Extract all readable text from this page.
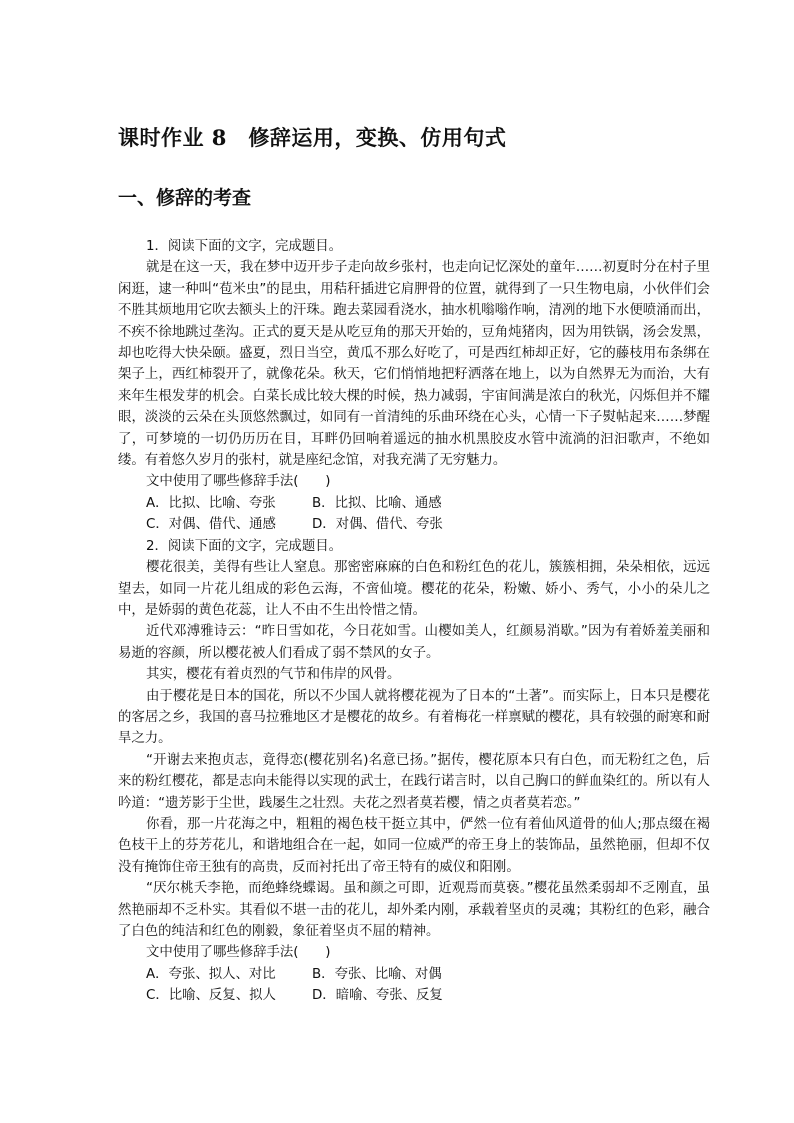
课时作业 8　修辞运用，变换、仿用句式
一、修辞的考查

1．阅读下面的文字，完成题目。

就是在这一天，我在梦中迈开步子走向故乡张村，也走向记忆深处的童年……初夏时分在村子里闲逛，逮一种叫“苞米虫”的昆虫，用秸秆插进它肩胛骨的位置，就得到了一只生物电扇，小伙伴们会不胜其烦地用它吹去额头上的汗珠。跑去菜园看浇水，抽水机嗡嗡作响，清冽的地下水便喷涌而出，不疾不徐地跳过垄沟。正式的夏天是从吃豆角的那天开始的，豆角炖猪肉，因为用铁锅，汤会发黑，却也吃得大快朵颐。盛夏，烈日当空，黄瓜不那么好吃了，可是西红柿却正好，它的藤枝用布条绑在架子上，西红柿裂开了，就像花朵。秋天，它们悄悄地把籽洒落在地上，以为自然界无为而治，大有来年生根发芽的机会。白菜长成比较大棵的时候，热力减弱，宇宙间满是浓白的秋光，闪烁但并不耀眼，淡淡的云朵在头顶悠然飘过，如同有一首清纯的乐曲环绕在心头，心情一下子熨帖起来……梦醒了，可梦境的一切仍历历在目，耳畔仍回响着遥远的抽水机黑胶皮水管中流淌的汩汩歌声，不绝如缕。有着悠久岁月的张村，就是座纪念馆，对我充满了无穷魅力。

文中使用了哪些修辞手法(　　)

A．比拟、比喻、夸张	B．比拟、比喻、通感

C．对偶、借代、通感	D．对偶、借代、夸张

2．阅读下面的文字，完成题目。

樱花很美，美得有些让人窒息。那密密麻麻的白色和粉红色的花儿，簇簇相拥，朵朵相依，远远望去，如同一片花儿组成的彩色云海，不啻仙境。樱花的花朵，粉嫩、娇小、秀气，小小的朵儿之中，是娇弱的黄色花蕊，让人不由不生出怜惜之情。

近代邓溥雅诗云：“昨日雪如花，今日花如雪。山樱如美人，红颜易消歇。”因为有着娇羞美丽和易逝的容颜，所以樱花被人们看成了弱不禁风的女子。

其实，樱花有着贞烈的气节和伟岸的风骨。

由于樱花是日本的国花，所以不少国人就将樱花视为了日本的“土著”。而实际上，日本只是樱花的客居之乡，我国的喜马拉雅地区才是樱花的故乡。有着梅花一样禀赋的樱花，具有较强的耐寒和耐旱之力。

“开谢去来抱贞志，竟得恋(樱花别名)名意已扬。”据传，樱花原本只有白色，而无粉红之色，后来的粉红樱花，都是志向未能得以实现的武士，在践行诺言时，以自己胸口的鲜血染红的。所以有人吟道：“遗芳影于尘世，践屡生之壮烈。夫花之烈者莫若樱，情之贞者莫若恋。”

你看，那一片花海之中，粗粗的褐色枝干挺立其中，俨然一位有着仙风道骨的仙人;那点缀在褐色枝干上的芬芳花儿，和谐地组合在一起，如同一位威严的帝王身上的装饰品，虽然艳丽，但却不仅没有掩饰住帝王独有的高贵，反而衬托出了帝王特有的威仪和阳刚。

“厌尔桃夭李艳，而绝蜂绕蝶谒。虽和颜之可即，近观焉而莫亵。”樱花虽然柔弱却不乏刚直，虽然艳丽却不乏朴实。其看似不堪一击的花儿，却外柔内刚，承载着坚贞的灵魂；其粉红的色彩，融合了白色的纯洁和红色的刚毅，象征着坚贞不屈的精神。

文中使用了哪些修辞手法(　　)

A．夸张、拟人、对比	B．夸张、比喻、对偶

C．比喻、反复、拟人	D．暗喻、夸张、反复
